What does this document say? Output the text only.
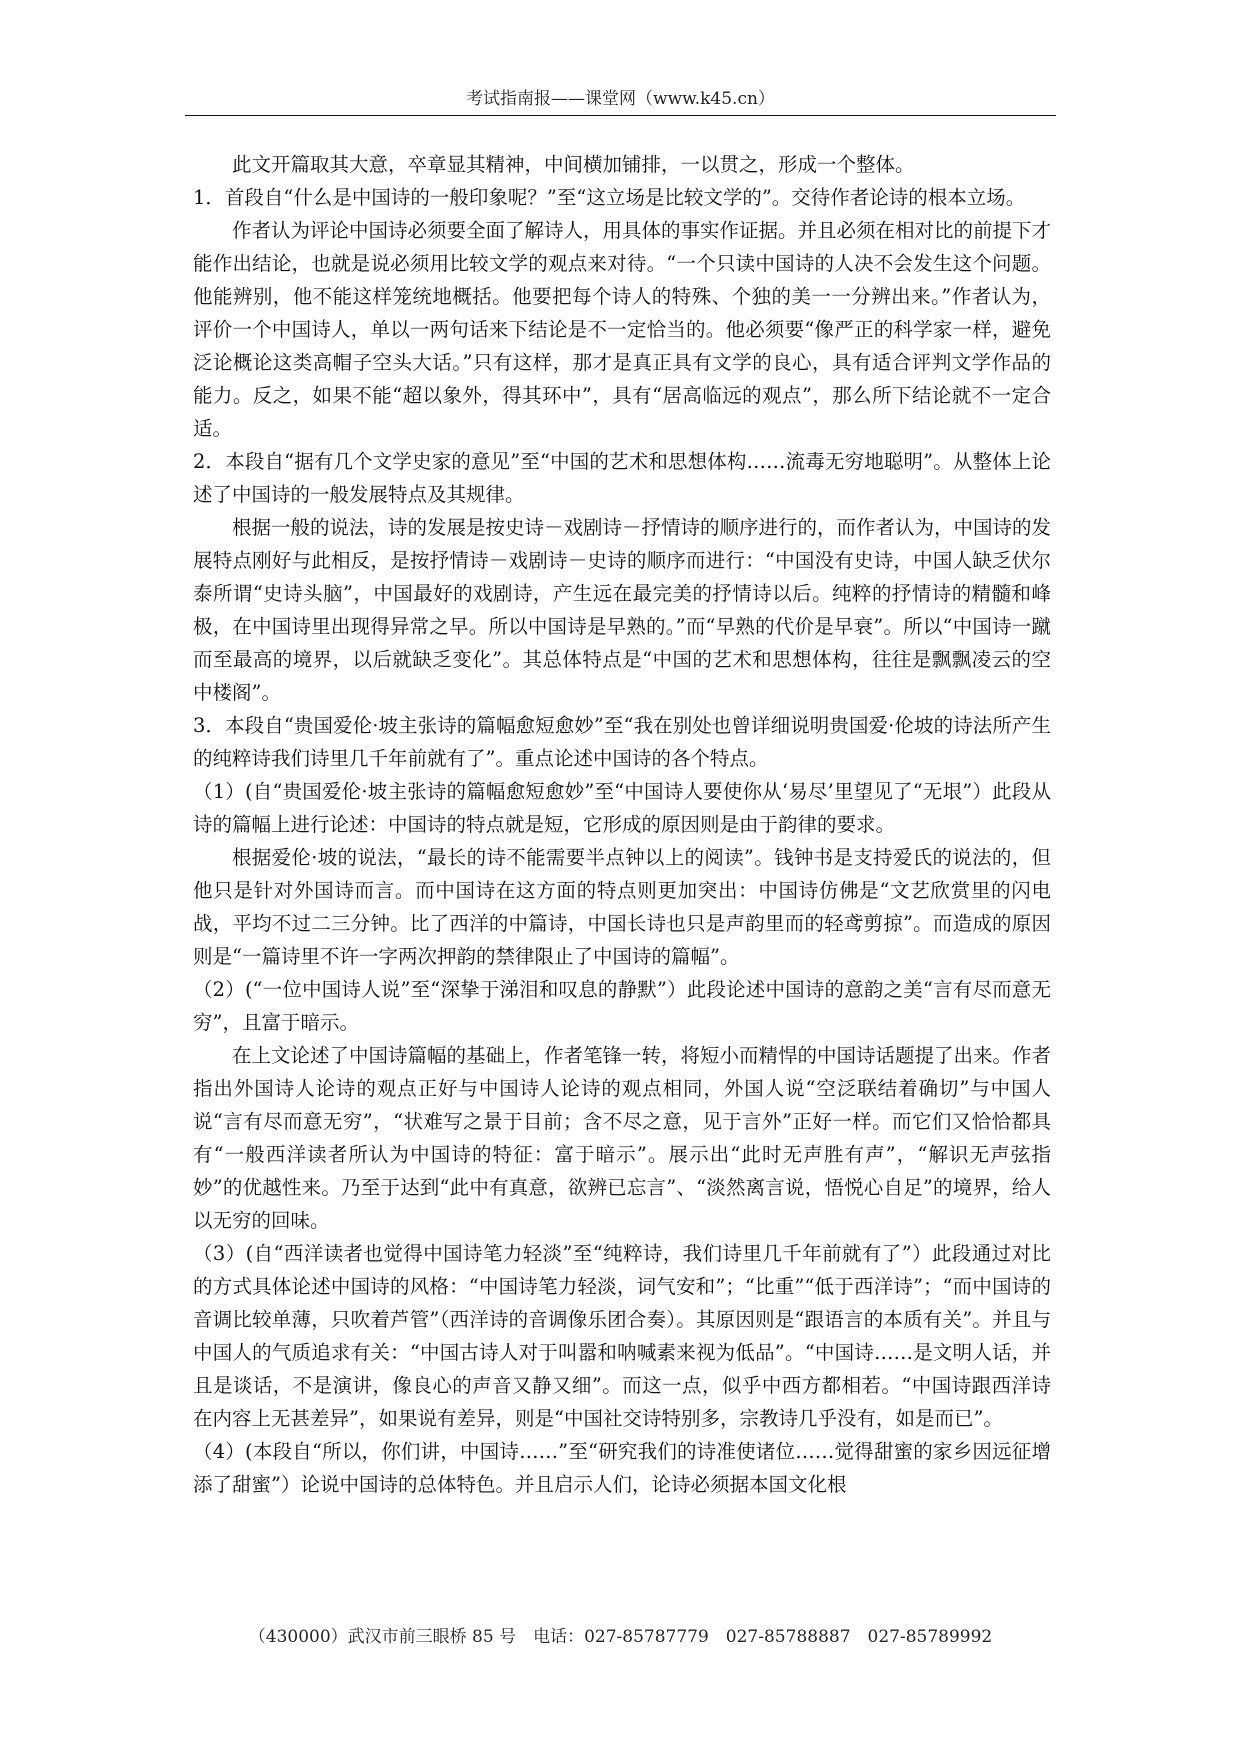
考试指南报——课堂网（www.k45.cn）

此文开篇取其大意，卒章显其精神，中间横加铺排，一以贯之，形成一个整体。

1．首段自“什么是中国诗的一般印象呢？”至“这立场是比较文学的”。交待作者论诗的根本立场。

作者认为评论中国诗必须要全面了解诗人，用具体的事实作证据。并且必须在相对比的前提下才能作出结论，也就是说必须用比较文学的观点来对待。“一个只读中国诗的人决不会发生这个问题。他能辨别，他不能这样笼统地概括。他要把每个诗人的特殊、个独的美一一分辨出来。”作者认为，评价一个中国诗人，单以一两句话来下结论是不一定恰当的。他必须要“像严正的科学家一样，避免泛论概论这类高帽子空头大话。”只有这样，那才是真正具有文学的良心，具有适合评判文学作品的能力。反之，如果不能“超以象外，得其环中”，具有“居高临远的观点”，那么所下结论就不一定合适。

2．本段自“据有几个文学史家的意见”至“中国的艺术和思想体构……流毒无穷地聪明”。从整体上论述了中国诗的一般发展特点及其规律。

根据一般的说法，诗的发展是按史诗－戏剧诗－抒情诗的顺序进行的，而作者认为，中国诗的发展特点刚好与此相反，是按抒情诗－戏剧诗－史诗的顺序而进行：“中国没有史诗，中国人缺乏伏尔泰所谓“史诗头脑”，中国最好的戏剧诗，产生远在最完美的抒情诗以后。纯粹的抒情诗的精髓和峰极，在中国诗里出现得异常之早。所以中国诗是早熟的。”而“早熟的代价是早衰”。所以“中国诗一蹴而至最高的境界，以后就缺乏变化”。其总体特点是“中国的艺术和思想体构，往往是飘飘凌云的空中楼阁”。

3．本段自“贵国爱伦·坡主张诗的篇幅愈短愈妙”至“我在别处也曾详细说明贵国爱·伦坡的诗法所产生的纯粹诗我们诗里几千年前就有了”。重点论述中国诗的各个特点。

（1）(自“贵国爱伦·坡主张诗的篇幅愈短愈妙”至“中国诗人要使你从‘易尽’里望见了“无垠”）此段从诗的篇幅上进行论述：中国诗的特点就是短，它形成的原因则是由于韵律的要求。

根据爱伦·坡的说法，“最长的诗不能需要半点钟以上的阅读”。钱钟书是支持爱氏的说法的，但他只是针对外国诗而言。而中国诗在这方面的特点则更加突出：中国诗仿佛是“文艺欣赏里的闪电战，平均不过二三分钟。比了西洋的中篇诗，中国长诗也只是声韵里而的轻鸢剪掠”。而造成的原因则是“一篇诗里不许一字两次押韵的禁律限止了中国诗的篇幅”。

（2）(“一位中国诗人说”至“深挚于涕泪和叹息的静默”）此段论述中国诗的意韵之美“言有尽而意无穷”，且富于暗示。

在上文论述了中国诗篇幅的基础上，作者笔锋一转，将短小而精悍的中国诗话题提了出来。作者指出外国诗人论诗的观点正好与中国诗人论诗的观点相同，外国人说“空泛联结着确切”与中国人说“言有尽而意无穷”，“状难写之景于目前；含不尽之意，见于言外”正好一样。而它们又恰恰都具有“一般西洋读者所认为中国诗的特征：富于暗示”。展示出“此时无声胜有声”，“解识无声弦指妙”的优越性来。乃至于达到“此中有真意，欲辨已忘言”、“淡然离言说，悟悦心自足”的境界，给人以无穷的回味。

（3）(自“西洋读者也觉得中国诗笔力轻淡”至“纯粹诗，我们诗里几千年前就有了”）此段通过对比的方式具体论述中国诗的风格：“中国诗笔力轻淡，词气安和”；“比重”“低于西洋诗”；“而中国诗的音调比较单薄，只吹着芦管”（西洋诗的音调像乐团合奏）。其原因则是“跟语言的本质有关”。并且与中国人的气质追求有关：“中国古诗人对于叫嚣和呐喊素来视为低品”。“中国诗……是文明人话，并且是谈话，不是演讲，像良心的声音又静又细”。而这一点，似乎中西方都相若。“中国诗跟西洋诗在内容上无甚差异”，如果说有差异，则是“中国社交诗特别多，宗教诗几乎没有，如是而已”。

（4）(本段自“所以，你们讲，中国诗……”至“研究我们的诗准使诸位……觉得甜蜜的家乡因远征增添了甜蜜”）论说中国诗的总体特色。并且启示人们，论诗必须据本国文化根

（430000）武汉市前三眼桥 85 号　电话：027-85787779　027-85788887　027-85789992
